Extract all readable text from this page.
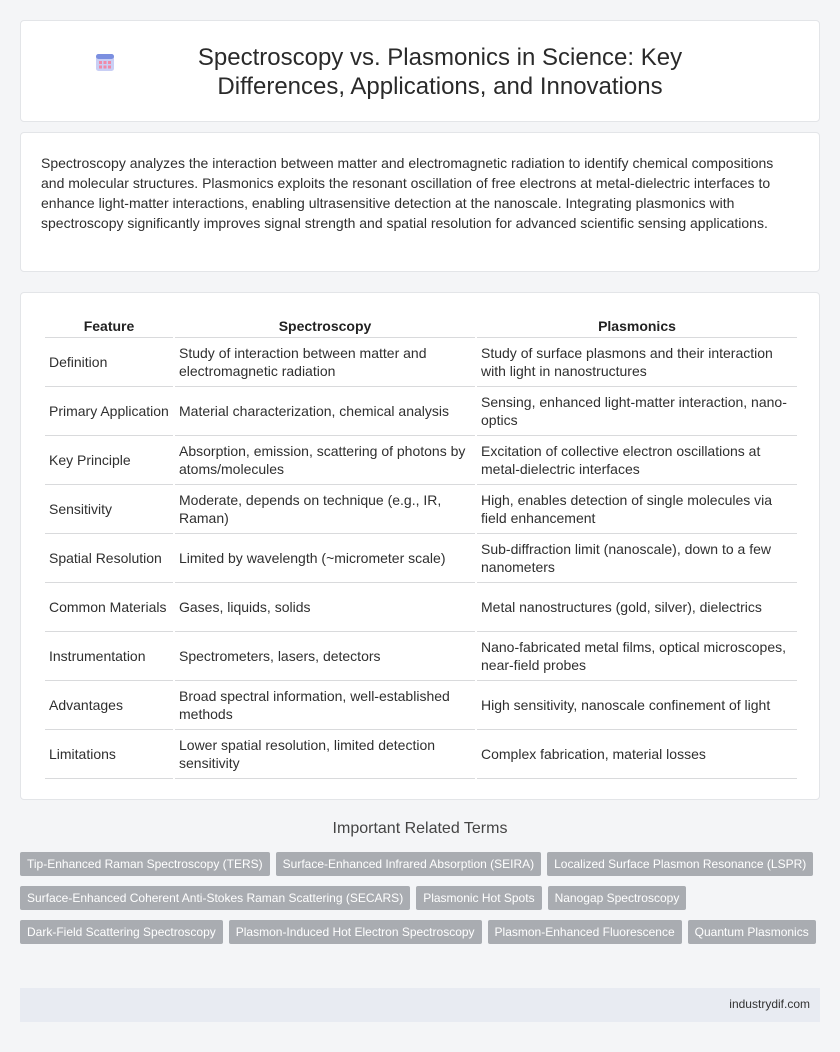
Spectroscopy vs. Plasmonics in Science: Key Differences, Applications, and Innovations

Spectroscopy analyzes the interaction between matter and electromagnetic radiation to identify chemical compositions and molecular structures. Plasmonics exploits the resonant oscillation of free electrons at metal-dielectric interfaces to enhance light-matter interactions, enabling ultrasensitive detection at the nanoscale. Integrating plasmonics with spectroscopy significantly improves signal strength and spatial resolution for advanced scientific sensing applications.

Feature	Spectroscopy	Plasmonics
Definition	Study of interaction between matter and electromagnetic radiation	Study of surface plasmons and their interaction with light in nanostructures
Primary Application	Material characterization, chemical analysis	Sensing, enhanced light-matter interaction, nano-optics
Key Principle	Absorption, emission, scattering of photons by atoms/molecules	Excitation of collective electron oscillations at metal-dielectric interfaces
Sensitivity	Moderate, depends on technique (e.g., IR, Raman)	High, enables detection of single molecules via field enhancement
Spatial Resolution	Limited by wavelength (~micrometer scale)	Sub-diffraction limit (nanoscale), down to a few nanometers
Common Materials	Gases, liquids, solids	Metal nanostructures (gold, silver), dielectrics
Instrumentation	Spectrometers, lasers, detectors	Nano-fabricated metal films, optical microscopes, near-field probes
Advantages	Broad spectral information, well-established methods	High sensitivity, nanoscale confinement of light
Limitations	Lower spatial resolution, limited detection sensitivity	Complex fabrication, material losses
Important Related Terms
Tip-Enhanced Raman Spectroscopy (TERS)	Surface-Enhanced Infrared Absorption (SEIRA)	Localized Surface Plasmon Resonance (LSPR)
Surface-Enhanced Coherent Anti-Stokes Raman Scattering (SECARS)	Plasmonic Hot Spots	Nanogap Spectroscopy
Dark-Field Scattering Spectroscopy	Plasmon-Induced Hot Electron Spectroscopy	Plasmon-Enhanced Fluorescence	Quantum Plasmonics
industrydif.com
